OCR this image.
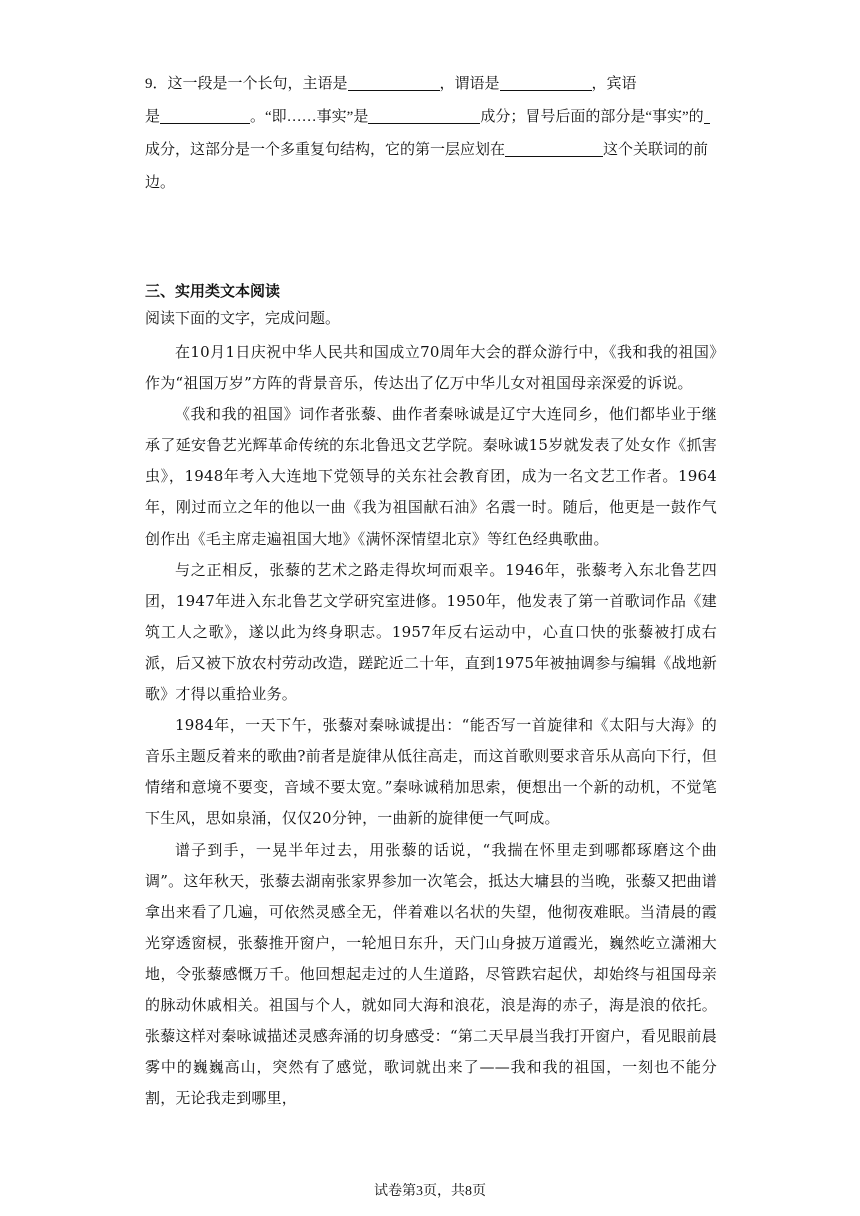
9．这一段是一个长句，主语是	，谓语是	，宾语
是	。“即……事实”是	成分；冒号后面的部分是“事实”的
成分，这部分是一个多重复句结构，它的第一层应划在	这个关联词的前
边。
三、实用类文本阅读
阅读下面的文字，完成问题。

在10月1日庆祝中华人民共和国成立70周年大会的群众游行中，《我和我的祖国》作为“祖国万岁”方阵的背景音乐，传达出了亿万中华儿女对祖国母亲深爱的诉说。

《我和我的祖国》词作者张藜、曲作者秦咏诚是辽宁大连同乡，他们都毕业于继承了延安鲁艺光辉革命传统的东北鲁迅文艺学院。秦咏诚15岁就发表了处女作《抓害虫》，1948年考入大连地下党领导的关东社会教育团，成为一名文艺工作者。1964年，刚过而立之年的他以一曲《我为祖国献石油》名震一时。随后，他更是一鼓作气创作出《毛主席走遍祖国大地》《满怀深情望北京》等红色经典歌曲。

与之正相反，张藜的艺术之路走得坎坷而艰辛。1946年，张藜考入东北鲁艺四团，1947年进入东北鲁艺文学研究室进修。1950年，他发表了第一首歌词作品《建筑工人之歌》，遂以此为终身职志。1957年反右运动中，心直口快的张藜被打成右派，后又被下放农村劳动改造，蹉跎近二十年，直到1975年被抽调参与编辑《战地新歌》才得以重拾业务。

1984年，一天下午，张藜对秦咏诚提出：“能否写一首旋律和《太阳与大海》的音乐主题反着来的歌曲?前者是旋律从低往高走，而这首歌则要求音乐从高向下行，但情绪和意境不要变，音域不要太宽。”秦咏诚稍加思索，便想出一个新的动机，不觉笔下生风，思如泉涌，仅仅20分钟，一曲新的旋律便一气呵成。

谱子到手，一晃半年过去，用张藜的话说，“我揣在怀里走到哪都琢磨这个曲调”。这年秋天，张藜去湖南张家界参加一次笔会，抵达大墉县的当晚，张藜又把曲谱拿出来看了几遍，可依然灵感全无，伴着难以名状的失望，他彻夜难眠。当清晨的霞光穿透窗棂，张藜推开窗户，一轮旭日东升，天门山身披万道霞光，巍然屹立潇湘大地，令张藜感慨万千。他回想起走过的人生道路，尽管跌宕起伏，却始终与祖国母亲的脉动休戚相关。祖国与个人，就如同大海和浪花，浪是海的赤子，海是浪的依托。张藜这样对秦咏诚描述灵感奔涌的切身感受：“第二天早晨当我打开窗户，看见眼前晨雾中的巍巍高山，突然有了感觉，歌词就出来了——我和我的祖国，一刻也不能分割，无论我走到哪里，

试卷第3页，共8页
